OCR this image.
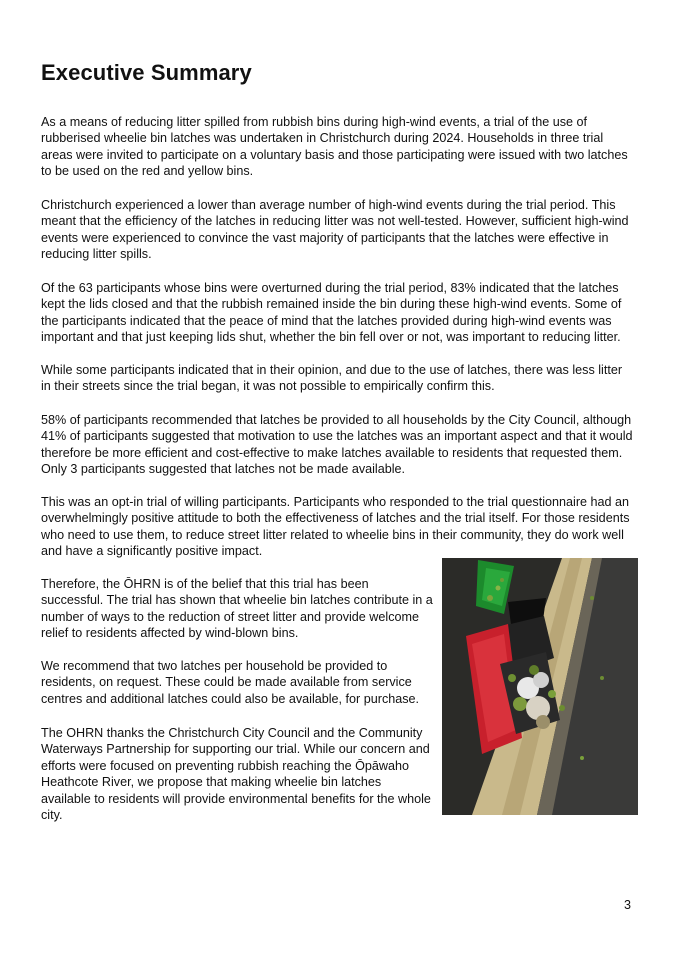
Executive Summary

As a means of reducing litter spilled from rubbish bins during high-wind events, a trial of the use of rubberised wheelie bin latches was undertaken in Christchurch during 2024. Households in three trial areas were invited to participate on a voluntary basis and those participating were issued with two latches to be used on the red and yellow bins.

Christchurch experienced a lower than average number of high-wind events during the trial period. This meant that the efficiency of the latches in reducing litter was not well-tested. However, sufficient high-wind events were experienced to convince the vast majority of participants that the latches were effective in reducing litter spills.

Of the 63 participants whose bins were overturned during the trial period, 83% indicated that the latches kept the lids closed and that the rubbish remained inside the bin during these high-wind events. Some of the participants indicated that the peace of mind that the latches provided during high-wind events was important and that just keeping lids shut, whether the bin fell over or not, was important to reducing litter.

While some participants indicated that in their opinion, and due to the use of latches, there was less litter in their streets since the trial began, it was not possible to empirically confirm this.

58% of participants recommended that latches be provided to all households by the City Council, although 41% of participants suggested that motivation to use the latches was an important aspect and that it would therefore be more efficient and cost-effective to make latches available to residents that requested them. Only 3 participants suggested that latches not be made available.

This was an opt-in trial of willing participants. Participants who responded to the trial questionnaire had an overwhelmingly positive attitude to both the effectiveness of latches and the trial itself. For those residents who need to use them, to reduce street litter related to wheelie bins in their community, they do work well and have a significantly positive impact.

Therefore, the ŌHRN is of the belief that this trial has been successful. The trial has shown that wheelie bin latches contribute in a number of ways to the reduction of street litter and provide welcome relief to residents affected by wind-blown bins.

We recommend that two latches per household be provided to residents, on request. These could be made available from service centres and additional latches could also be available, for purchase.

The OHRN thanks the Christchurch City Council and the Community Waterways Partnership for supporting our trial. While our concern and efforts were focused on preventing rubbish reaching the Ōpāwaho Heathcote River, we propose that making wheelie bin latches available to residents will provide environmental benefits for the whole city.

3
